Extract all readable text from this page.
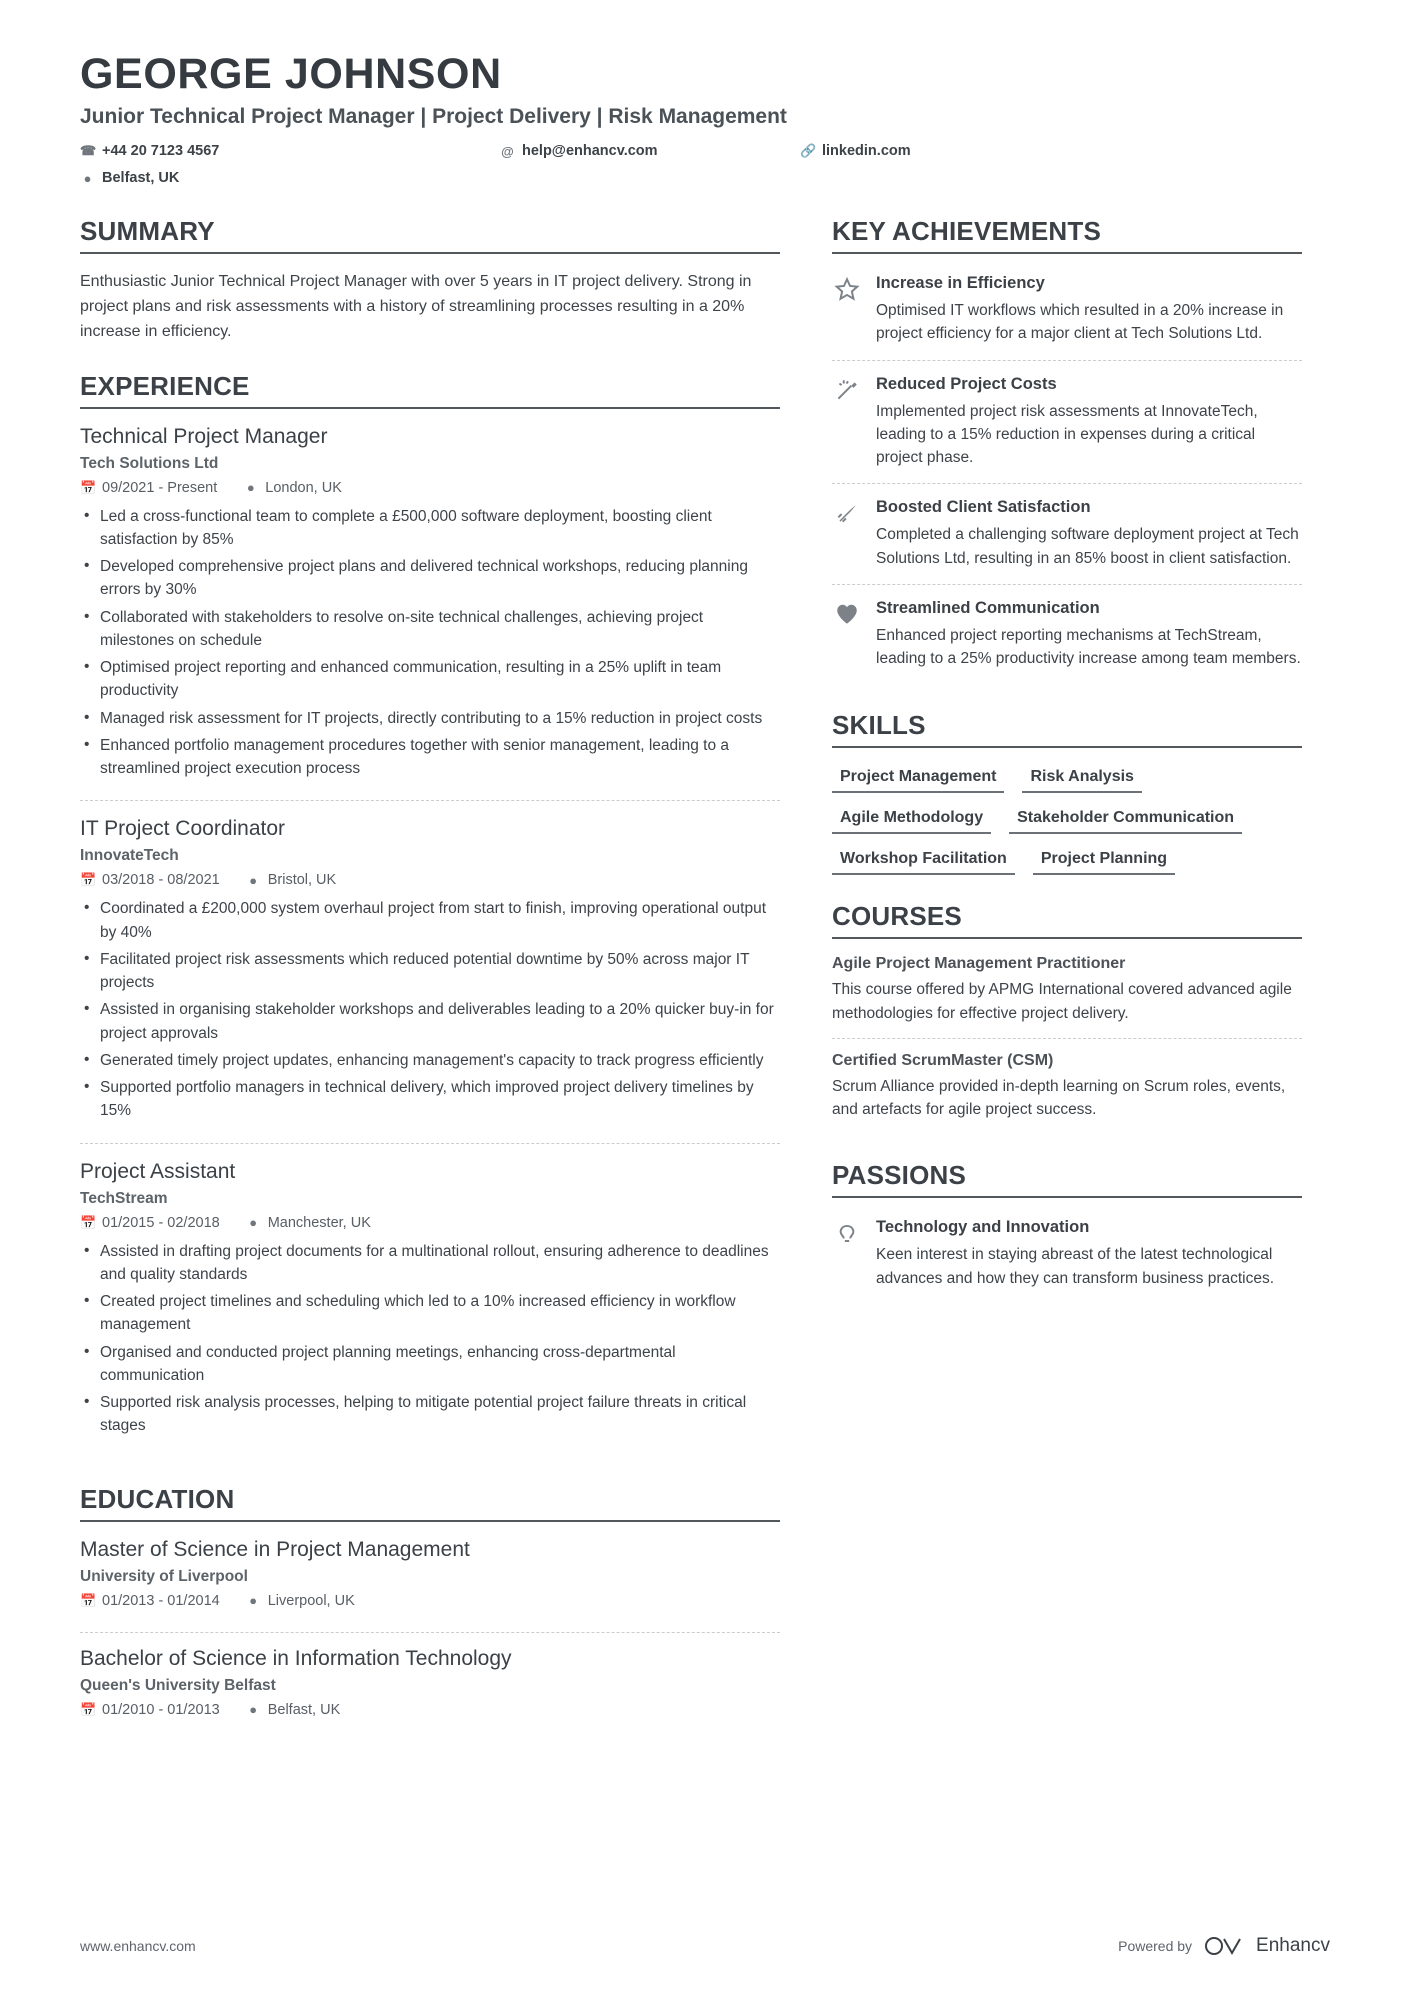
GEORGE JOHNSON
Junior Technical Project Manager | Project Delivery | Risk Management
☎ +44 20 7123 4567	@ help@enhancv.com	🔗 linkedin.com
● Belfast, UK
SUMMARY

Enthusiastic Junior Technical Project Manager with over 5 years in IT project delivery. Strong in project plans and risk assessments with a history of streamlining processes resulting in a 20% increase in efficiency.

EXPERIENCE
Technical Project Manager
Tech Solutions Ltd
📅 09/2021 - Present ● London, UK
• Led a cross-functional team to complete a £500,000 software deployment, boosting client satisfaction by 85%
• Developed comprehensive project plans and delivered technical workshops, reducing planning errors by 30%
• Collaborated with stakeholders to resolve on-site technical challenges, achieving project milestones on schedule
• Optimised project reporting and enhanced communication, resulting in a 25% uplift in team productivity
• Managed risk assessment for IT projects, directly contributing to a 15% reduction in project costs
• Enhanced portfolio management procedures together with senior management, leading to a streamlined project execution process
IT Project Coordinator
InnovateTech
📅 03/2018 - 08/2021 ● Bristol, UK
• Coordinated a £200,000 system overhaul project from start to finish, improving operational output by 40%
• Facilitated project risk assessments which reduced potential downtime by 50% across major IT projects
• Assisted in organising stakeholder workshops and deliverables leading to a 20% quicker buy-in for project approvals
• Generated timely project updates, enhancing management's capacity to track progress efficiently
• Supported portfolio managers in technical delivery, which improved project delivery timelines by 15%
Project Assistant
TechStream
📅 01/2015 - 02/2018 ● Manchester, UK
• Assisted in drafting project documents for a multinational rollout, ensuring adherence to deadlines and quality standards
• Created project timelines and scheduling which led to a 10% increased efficiency in workflow management
• Organised and conducted project planning meetings, enhancing cross-departmental communication
• Supported risk analysis processes, helping to mitigate potential project failure threats in critical stages
EDUCATION
Master of Science in Project Management
University of Liverpool
📅 01/2013 - 01/2014 ● Liverpool, UK
Bachelor of Science in Information Technology
Queen's University Belfast
📅 01/2010 - 01/2013 ● Belfast, UK
KEY ACHIEVEMENTS
Increase in Efficiency
Optimised IT workflows which resulted in a 20% increase in project efficiency for a major client at Tech Solutions Ltd.
Reduced Project Costs
Implemented project risk assessments at InnovateTech, leading to a 15% reduction in expenses during a critical project phase.
Boosted Client Satisfaction
Completed a challenging software deployment project at Tech Solutions Ltd, resulting in an 85% boost in client satisfaction.
Streamlined Communication
Enhanced project reporting mechanisms at TechStream, leading to a 25% productivity increase among team members.
SKILLS
Project Management	Risk Analysis
Agile Methodology	Stakeholder Communication
Workshop Facilitation	Project Planning
COURSES
Agile Project Management Practitioner
This course offered by APMG International covered advanced agile methodologies for effective project delivery.
Certified ScrumMaster (CSM)
Scrum Alliance provided in-depth learning on Scrum roles, events, and artefacts for agile project success.
PASSIONS
Technology and Innovation
Keen interest in staying abreast of the latest technological advances and how they can transform business practices.
www.enhancv.com	Powered by	Enhancv
